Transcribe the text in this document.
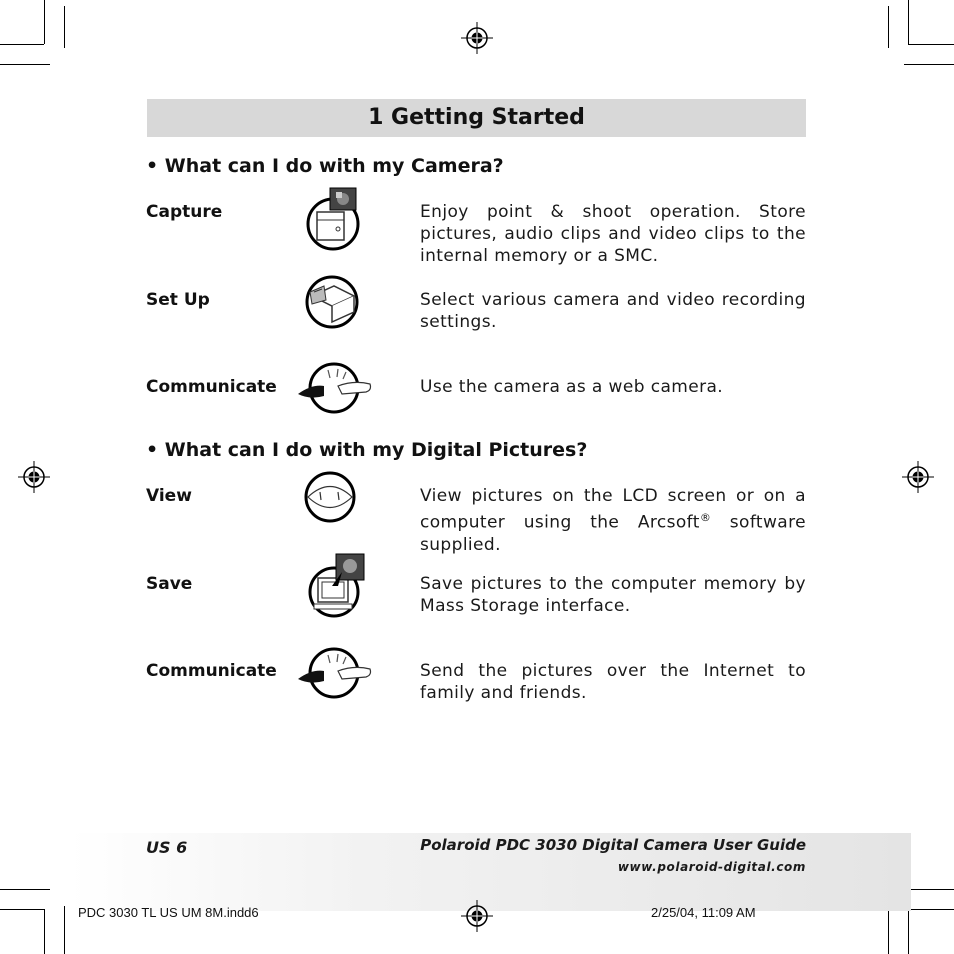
1 Getting Started
• What can I do with my Camera?
Capture	Enjoy point & shoot operation. Store pictures, audio clips and video clips to the internal memory or a SMC.
Set Up	Select various camera and video recording settings.
Communicate	Use the camera as a web camera.
• What can I do with my Digital Pictures?
View	View pictures on the LCD screen or on a computer using the Arcsoft® software supplied.
Save	Save pictures to the computer memory by Mass Storage interface.
Communicate	Send the pictures over the Internet to family and friends.
US 6	Polaroid PDC 3030 Digital Camera User Guide
www.polaroid-digital.com
PDC 3030 TL US UM 8M.indd6	2/25/04, 11:09 AM
